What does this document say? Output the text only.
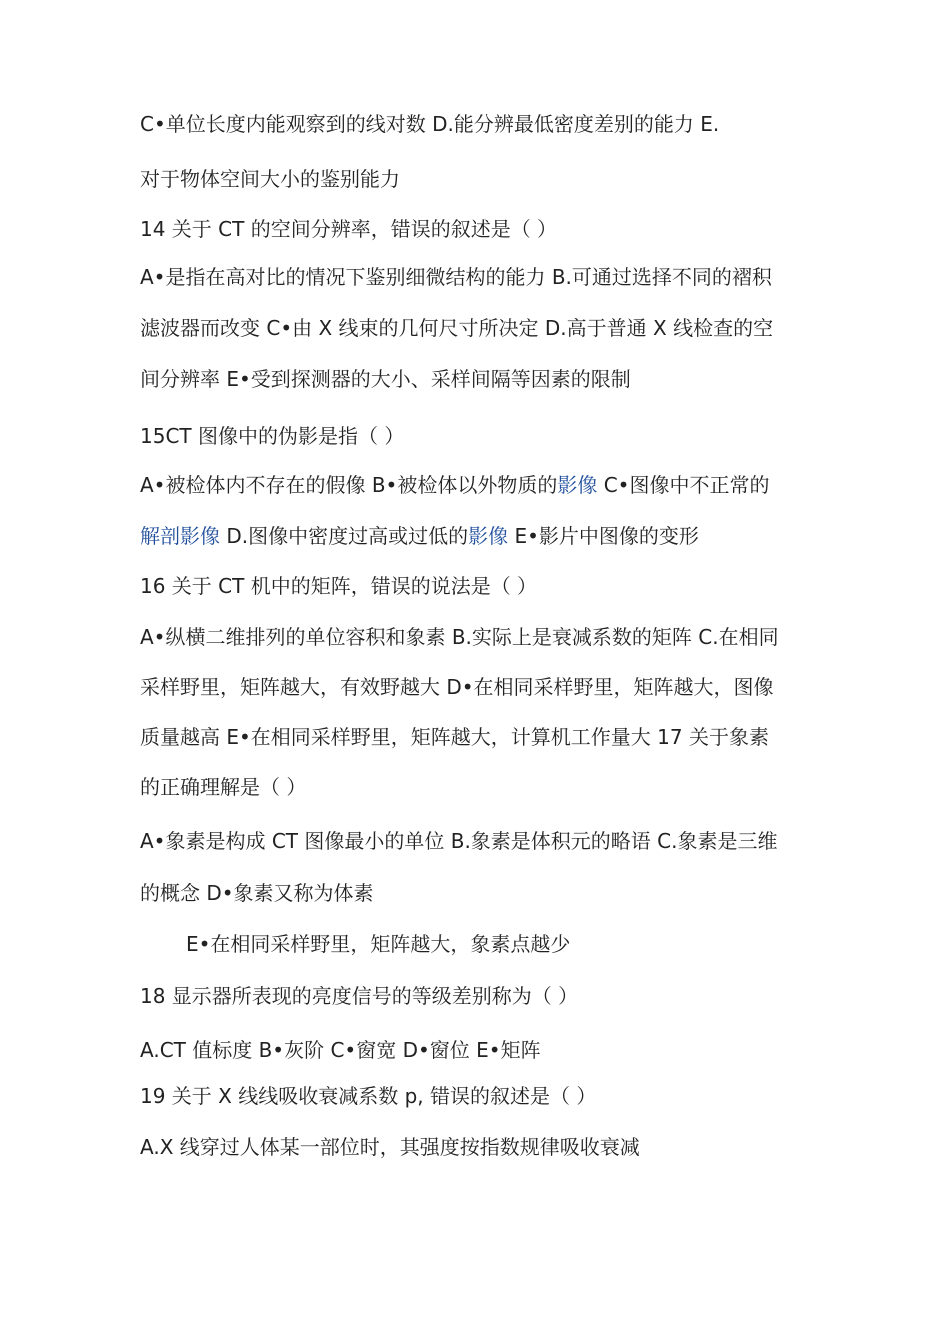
C•单位长度内能观察到的线对数 D.能分辨最低密度差别的能力 E.

对于物体空间大小的鉴别能力

14 关于 CT 的空间分辨率，错误的叙述是（ ）

A•是指在高对比的情况下鉴别细微结构的能力 B.可通过选择不同的褶积

滤波器而改变 C•由 X 线束的几何尺寸所决定 D.高于普通 X 线检查的空

间分辨率 E•受到探测器的大小、采样间隔等因素的限制

15CT 图像中的伪影是指（ ）

A•被检体内不存在的假像 B•被检体以外物质的影像 C•图像中不正常的

解剖影像 D.图像中密度过高或过低的影像 E•影片中图像的变形

16 关于 CT 机中的矩阵，错误的说法是（ ）

A•纵横二维排列的单位容积和象素 B.实际上是衰减系数的矩阵 C.在相同

采样野里，矩阵越大，有效野越大 D•在相同采样野里，矩阵越大，图像

质量越高 E•在相同采样野里，矩阵越大，计算机工作量大 17 关于象素

的正确理解是（ ）

A•象素是构成 CT 图像最小的单位 B.象素是体积元的略语 C.象素是三维

的概念 D•象素又称为体素

E•在相同采样野里，矩阵越大，象素点越少

18 显示器所表现的亮度信号的等级差别称为（ ）

A.CT 值标度 B•灰阶 C•窗宽 D•窗位 E•矩阵

19 关于 X 线线吸收衰减系数 p, 错误的叙述是（ ）

A.X 线穿过人体某一部位时，其强度按指数规律吸收衰减
